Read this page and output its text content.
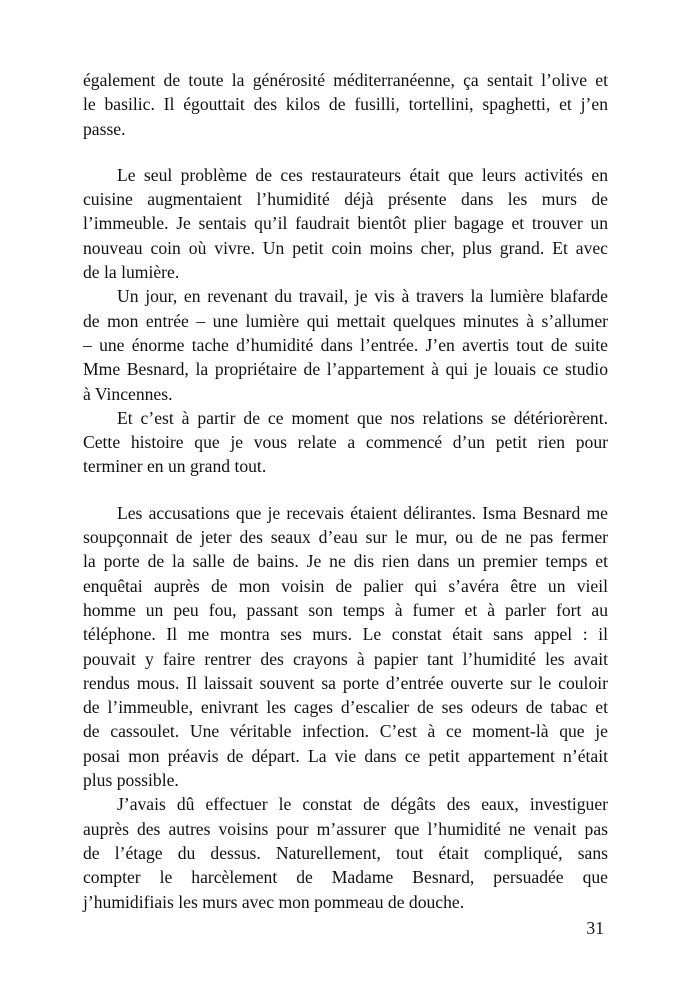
également de toute la générosité méditerranéenne, ça sentait l’olive et
le basilic. Il égouttait des kilos de fusilli, tortellini, spaghetti, et j’en
passe.
Le seul problème de ces restaurateurs était que leurs activités en
cuisine augmentaient l’humidité déjà présente dans les murs de
l’immeuble. Je sentais qu’il faudrait bientôt plier bagage et trouver un
nouveau coin où vivre. Un petit coin moins cher, plus grand. Et avec
de la lumière.
Un jour, en revenant du travail, je vis à travers la lumière blafarde
de mon entrée – une lumière qui mettait quelques minutes à s’allumer
– une énorme tache d’humidité dans l’entrée. J’en avertis tout de suite
Mme Besnard, la propriétaire de l’appartement à qui je louais ce studio
à Vincennes.
Et c’est à partir de ce moment que nos relations se détériorèrent.
Cette histoire que je vous relate a commencé d’un petit rien pour
terminer en un grand tout.
Les accusations que je recevais étaient délirantes. Isma Besnard me
soupçonnait de jeter des seaux d’eau sur le mur, ou de ne pas fermer
la porte de la salle de bains. Je ne dis rien dans un premier temps et
enquêtai auprès de mon voisin de palier qui s’avéra être un vieil
homme un peu fou, passant son temps à fumer et à parler fort au
téléphone. Il me montra ses murs. Le constat était sans appel : il
pouvait y faire rentrer des crayons à papier tant l’humidité les avait
rendus mous. Il laissait souvent sa porte d’entrée ouverte sur le couloir
de l’immeuble, enivrant les cages d’escalier de ses odeurs de tabac et
de cassoulet. Une véritable infection. C’est à ce moment-là que je
posai mon préavis de départ. La vie dans ce petit appartement n’était
plus possible.
J’avais dû effectuer le constat de dégâts des eaux, investiguer
auprès des autres voisins pour m’assurer que l’humidité ne venait pas
de l’étage du dessus. Naturellement, tout était compliqué, sans
compter le harcèlement de Madame Besnard, persuadée que
j’humidifiais les murs avec mon pommeau de douche.
31
